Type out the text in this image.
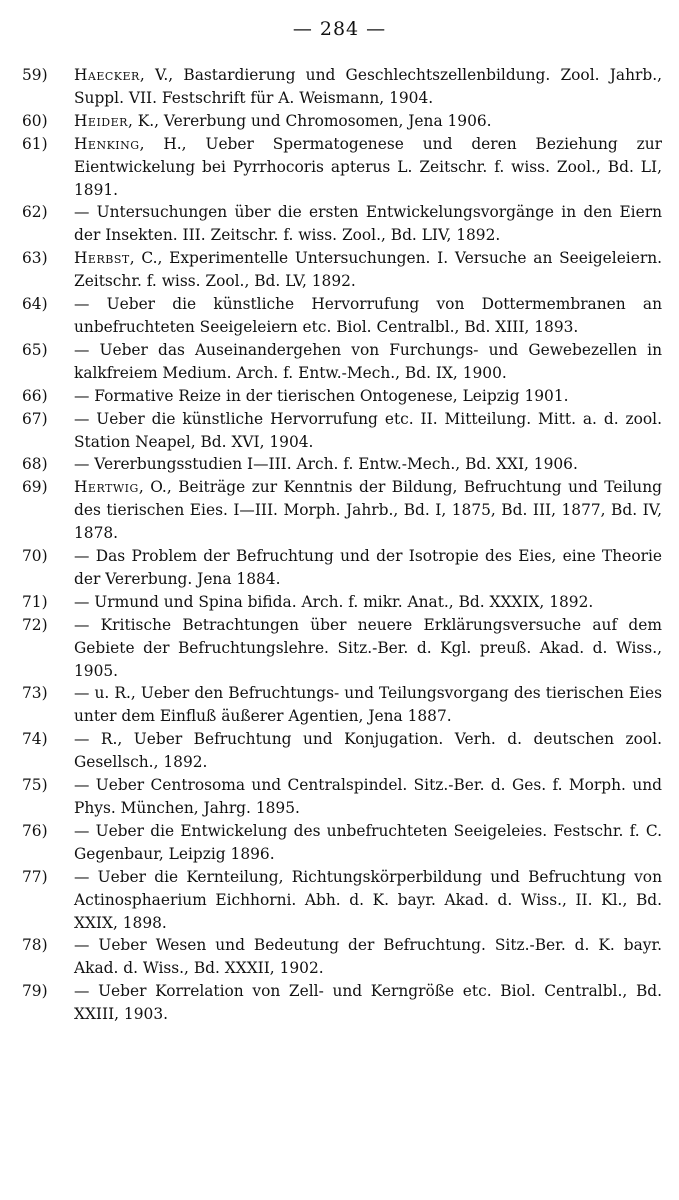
— 284 —

59)	Haecker, V., Bastardierung und Geschlechtszellenbildung. Zool. Jahrb., Suppl. VII. Festschrift für A. Weismann, 1904.

60)	Heider, K., Vererbung und Chromosomen, Jena 1906.

61)	Henking, H., Ueber Spermatogenese und deren Beziehung zur Eientwickelung bei Pyrrhocoris apterus L. Zeitschr. f. wiss. Zool., Bd. LI, 1891.

62)	— Untersuchungen über die ersten Entwickelungsvorgänge in den Eiern der Insekten. III. Zeitschr. f. wiss. Zool., Bd. LIV, 1892.

63)	Herbst, C., Experimentelle Untersuchungen. I. Versuche an Seeigeleiern. Zeitschr. f. wiss. Zool., Bd. LV, 1892.

64)	— Ueber die künstliche Hervorrufung von Dottermembranen an unbefruchteten Seeigeleiern etc. Biol. Centralbl., Bd. XIII, 1893.

65)	— Ueber das Auseinandergehen von Furchungs- und Gewebezellen in kalkfreiem Medium. Arch. f. Entw.-Mech., Bd. IX, 1900.

66)	— Formative Reize in der tierischen Ontogenese, Leipzig 1901.

67)	— Ueber die künstliche Hervorrufung etc. II. Mitteilung. Mitt. a. d. zool. Station Neapel, Bd. XVI, 1904.

68)	— Vererbungsstudien I—III. Arch. f. Entw.-Mech., Bd. XXI, 1906.

69)	Hertwig, O., Beiträge zur Kenntnis der Bildung, Befruchtung und Teilung des tierischen Eies. I—III. Morph. Jahrb., Bd. I, 1875, Bd. III, 1877, Bd. IV, 1878.

70)	— Das Problem der Befruchtung und der Isotropie des Eies, eine Theorie der Vererbung. Jena 1884.

71)	— Urmund und Spina bifida. Arch. f. mikr. Anat., Bd. XXXIX, 1892.

72)	— Kritische Betrachtungen über neuere Erklärungsversuche auf dem Gebiete der Befruchtungslehre. Sitz.-Ber. d. Kgl. preuß. Akad. d. Wiss., 1905.

73)	— u. R., Ueber den Befruchtungs- und Teilungsvorgang des tierischen Eies unter dem Einfluß äußerer Agentien, Jena 1887.

74)	— R., Ueber Befruchtung und Konjugation. Verh. d. deutschen zool. Gesellsch., 1892.

75)	— Ueber Centrosoma und Centralspindel. Sitz.-Ber. d. Ges. f. Morph. und Phys. München, Jahrg. 1895.

76)	— Ueber die Entwickelung des unbefruchteten Seeigeleies. Festschr. f. C. Gegenbaur, Leipzig 1896.

77)	— Ueber die Kernteilung, Richtungskörperbildung und Befruchtung von Actinosphaerium Eichhorni. Abh. d. K. bayr. Akad. d. Wiss., II. Kl., Bd. XXIX, 1898.

78)	— Ueber Wesen und Bedeutung der Befruchtung. Sitz.-Ber. d. K. bayr. Akad. d. Wiss., Bd. XXXII, 1902.

79)	— Ueber Korrelation von Zell- und Kerngröße etc. Biol. Centralbl., Bd. XXIII, 1903.
